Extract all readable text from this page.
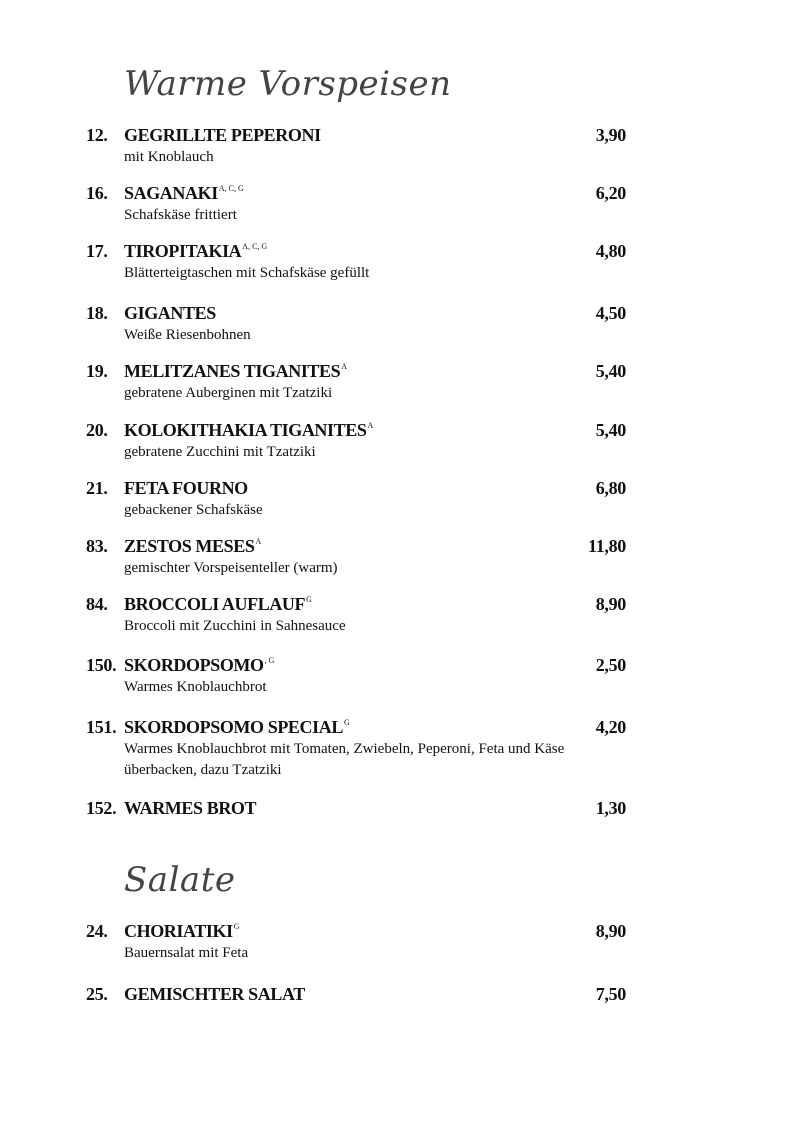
Warme Vorspeisen
12. GEGRILLTE PEPERONI	3,90
mit Knoblauch
16. $SAGANAKI^{A, C, G}$	6,20
Schafskäse frittiert
17. $TIROPITAKIA^{A, C, G}$	4,80
Blätterteigtaschen mit Schafskäse gefüllt
18. GIGANTES	4,50
Weiße Riesenbohnen
19. MELITZANES $TIGANITES^A$	5,40
gebratene Auberginen mit Tzatziki
20. KOLOKITHAKIA $TIGANITES^A$	5,40
gebratene Zucchini mit Tzatziki
21. FETA FOURNO	6,80
gebackener Schafskäse
83. ZESTOS $MESES^A$	11,80
gemischter Vorspeisenteller (warm)
84. BROCCOLI $AUFLAUF^G$	8,90
Broccoli mit Zucchini in Sahnesauce
150. $SKORDOPSOMO^{, G}$	2,50
Warmes Knoblauchbrot
151. SKORDOPSOMO $SPECIAL^G$	4,20
Warmes Knoblauchbrot mit Tomaten, Zwiebeln, Peperoni, Feta und Käse überbacken, dazu Tzatziki
152. WARMES BROT	1,30
Salate
24. $CHORIATIKI^G$	8,90
Bauernsalat mit Feta
25. GEMISCHTER SALAT	7,50
